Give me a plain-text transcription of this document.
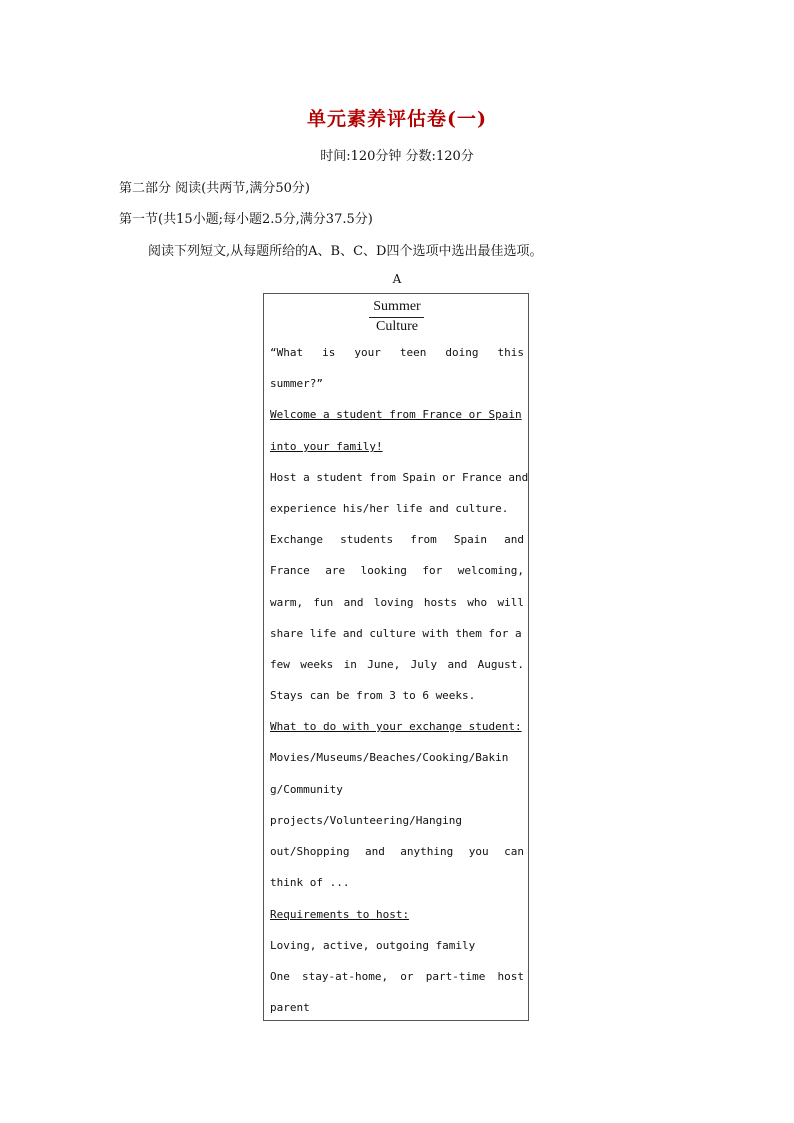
单元素养评估卷(一)
时间:120分钟 分数:120分
第二部分 阅读(共两节,满分50分)
第一节(共15小题;每小题2.5分,满分37.5分)
阅读下列短文,从每题所给的A、B、C、D四个选项中选出最佳选项。
A
Summer
Culture
“What is your teen doing this
summer?”
Welcome a student from France or Spain
into your family!
Host a student from Spain or France and
experience his/her life and culture.
Exchange students from Spain and
France are looking for welcoming,
warm, fun and loving hosts who will
share life and culture with them for a
few weeks in June, July and August.
Stays can be from 3 to 6 weeks.
What to do with your exchange student:
Movies/Museums/Beaches/Cooking/Bakin
g/Community
projects/Volunteering/Hanging
out/Shopping and anything you can
think of ...
Requirements to host:
Loving, active, outgoing family
One stay-at-home, or part-time host
parent
